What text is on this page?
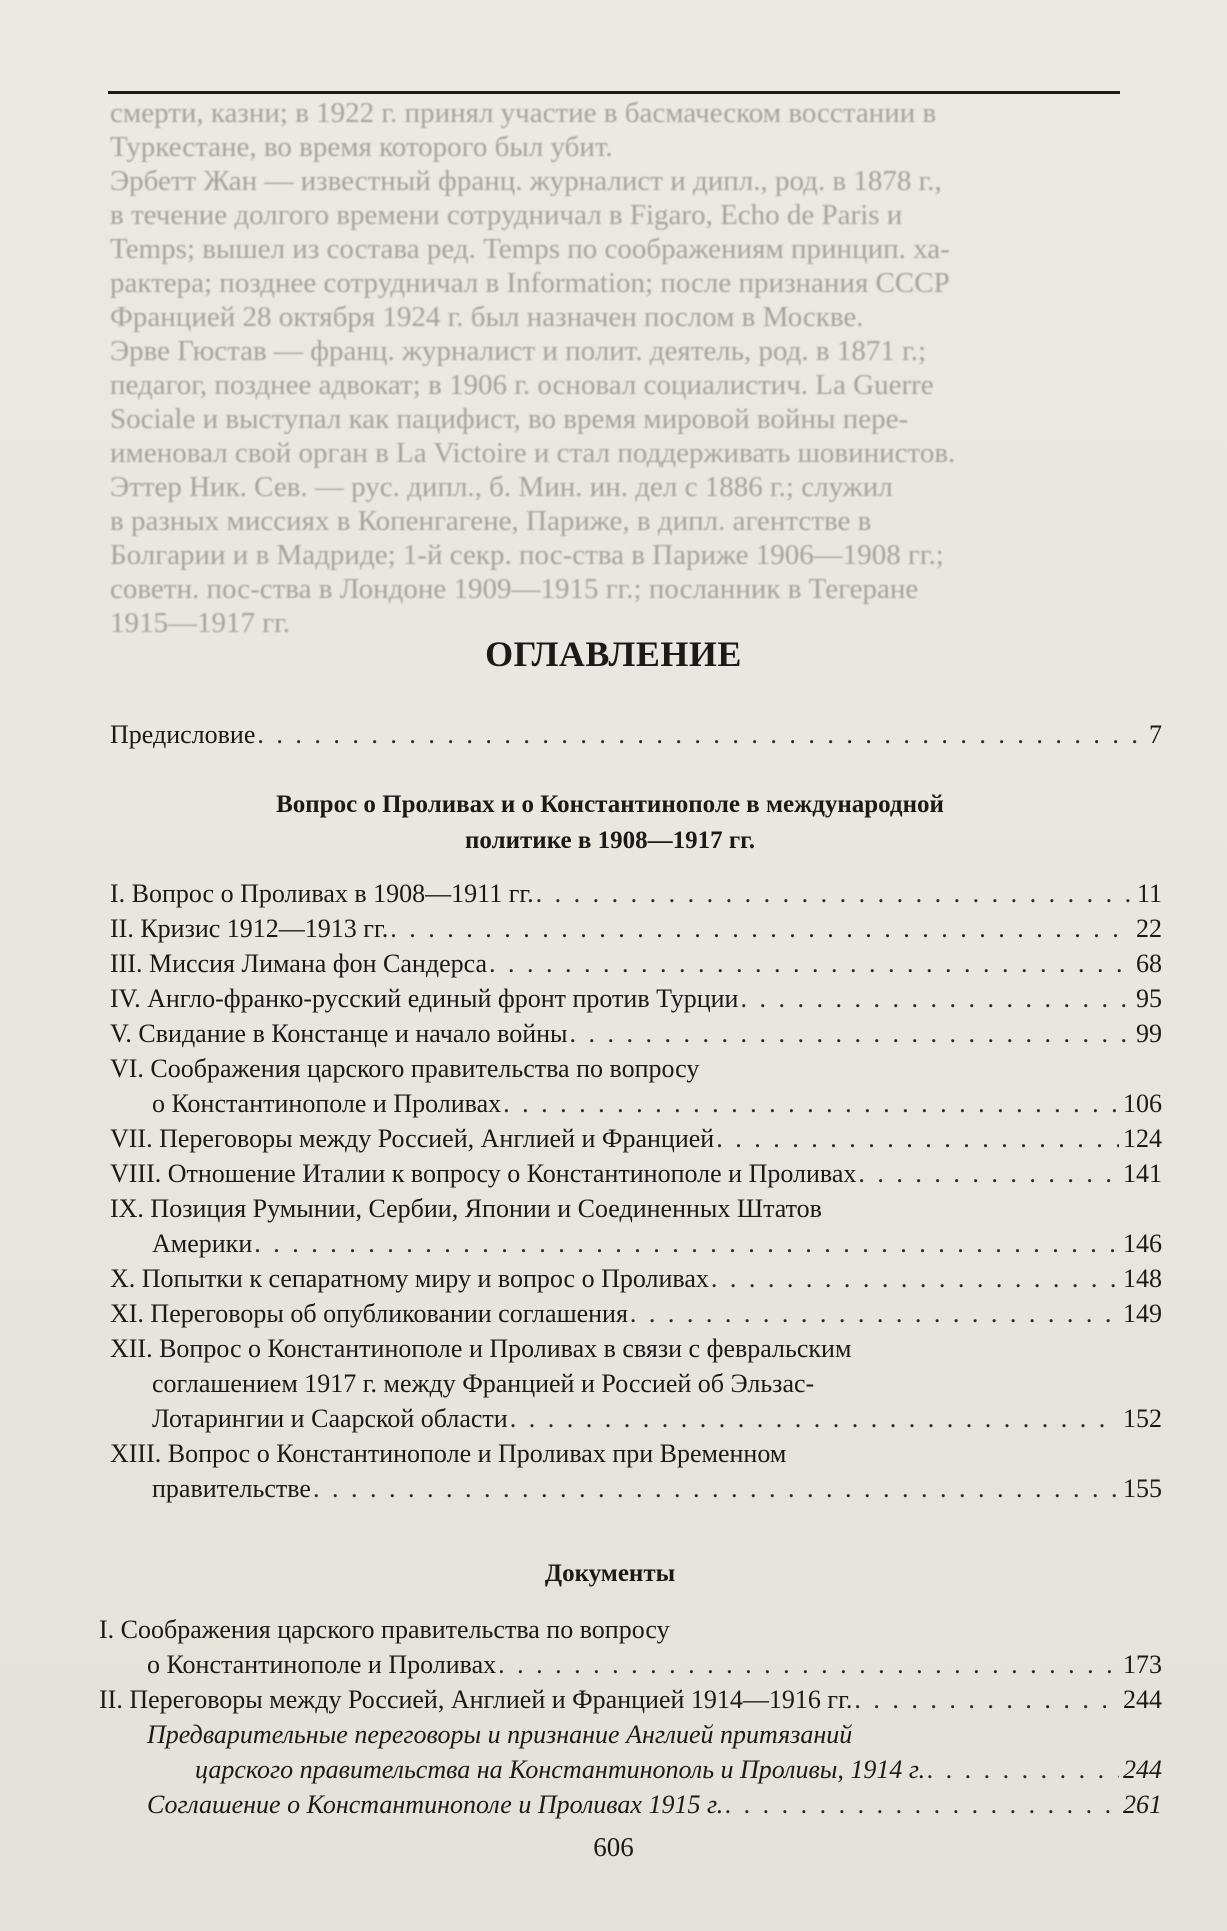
смерти, казни; в 1922 г. принял участие в басмаческом восстании в
Туркестане, во время которого был убит.
Эрбетт Жан — известный франц. журналист и дипл., род. в 1878 г.,
в течение долгого времени сотрудничал в Figaro, Echo de Paris и
Temps; вышел из состава ред. Temps по соображениям принцип. ха-
рактера; позднее сотрудничал в Information; после признания СССР
Францией 28 октября 1924 г. был назначен послом в Москве.
Эрве Гюстав — франц. журналист и полит. деятель, род. в 1871 г.;
педагог, позднее адвокат; в 1906 г. основал социалистич. La Guerre
Sociale и выступал как пацифист, во время мировой войны пере-
именовал свой орган в La Victoire и стал поддерживать шовинистов.
Эттер Ник. Сев. — рус. дипл., б. Мин. ин. дел с 1886 г.; служил
в разных миссиях в Копенгагене, Париже, в дипл. агентстве в
Болгарии и в Мадриде; 1-й секр. пос-ства в Париже 1906—1908 гг.;
советн. пос-ства в Лондоне 1909—1915 гг.; посланник в Тегеране
1915—1917 гг.
ОГЛАВЛЕНИЕ
Предисловие . . .	7
Вопрос о Проливах и о Константинополе в международной
политике в 1908—1917 гг.
I. Вопрос о Проливах в 1908—1911 гг. . . .	11
II. Кризис 1912—1913 гг. . . .	22
III. Миссия Лимана фон Сандерса . . .	68
IV. Англо-франко-русский единый фронт против Турции . . .	95
V. Свидание в Констанце и начало войны . . .	99
VI. Соображения царского правительства по вопросу
о Константинополе и Проливах . . .	106
VII. Переговоры между Россией, Англией и Францией . . .	124
VIII. Отношение Италии к вопросу о Константинополе и Проливах . . .	141
IX. Позиция Румынии, Сербии, Японии и Соединенных Штатов
Америки . . .	146
X. Попытки к сепаратному миру и вопрос о Проливах . . .	148
XI. Переговоры об опубликовании соглашения . . .	149
XII. Вопрос о Константинополе и Проливах в связи с февральским
соглашением 1917 г. между Францией и Россией об Эльзас-
Лотарингии и Саарской области . . .	152
XIII. Вопрос о Константинополе и Проливах при Временном
правительстве . . .	155
Документы
I. Соображения царского правительства по вопросу
о Константинополе и Проливах . . .	173
II. Переговоры между Россией, Англией и Францией 1914—1916 гг. . . .	244
Предварительные переговоры и признание Англией притязаний
царского правительства на Константинополь и Проливы, 1914 г. . . .	244
Соглашение о Константинополе и Проливах 1915 г. . . .	261
606
